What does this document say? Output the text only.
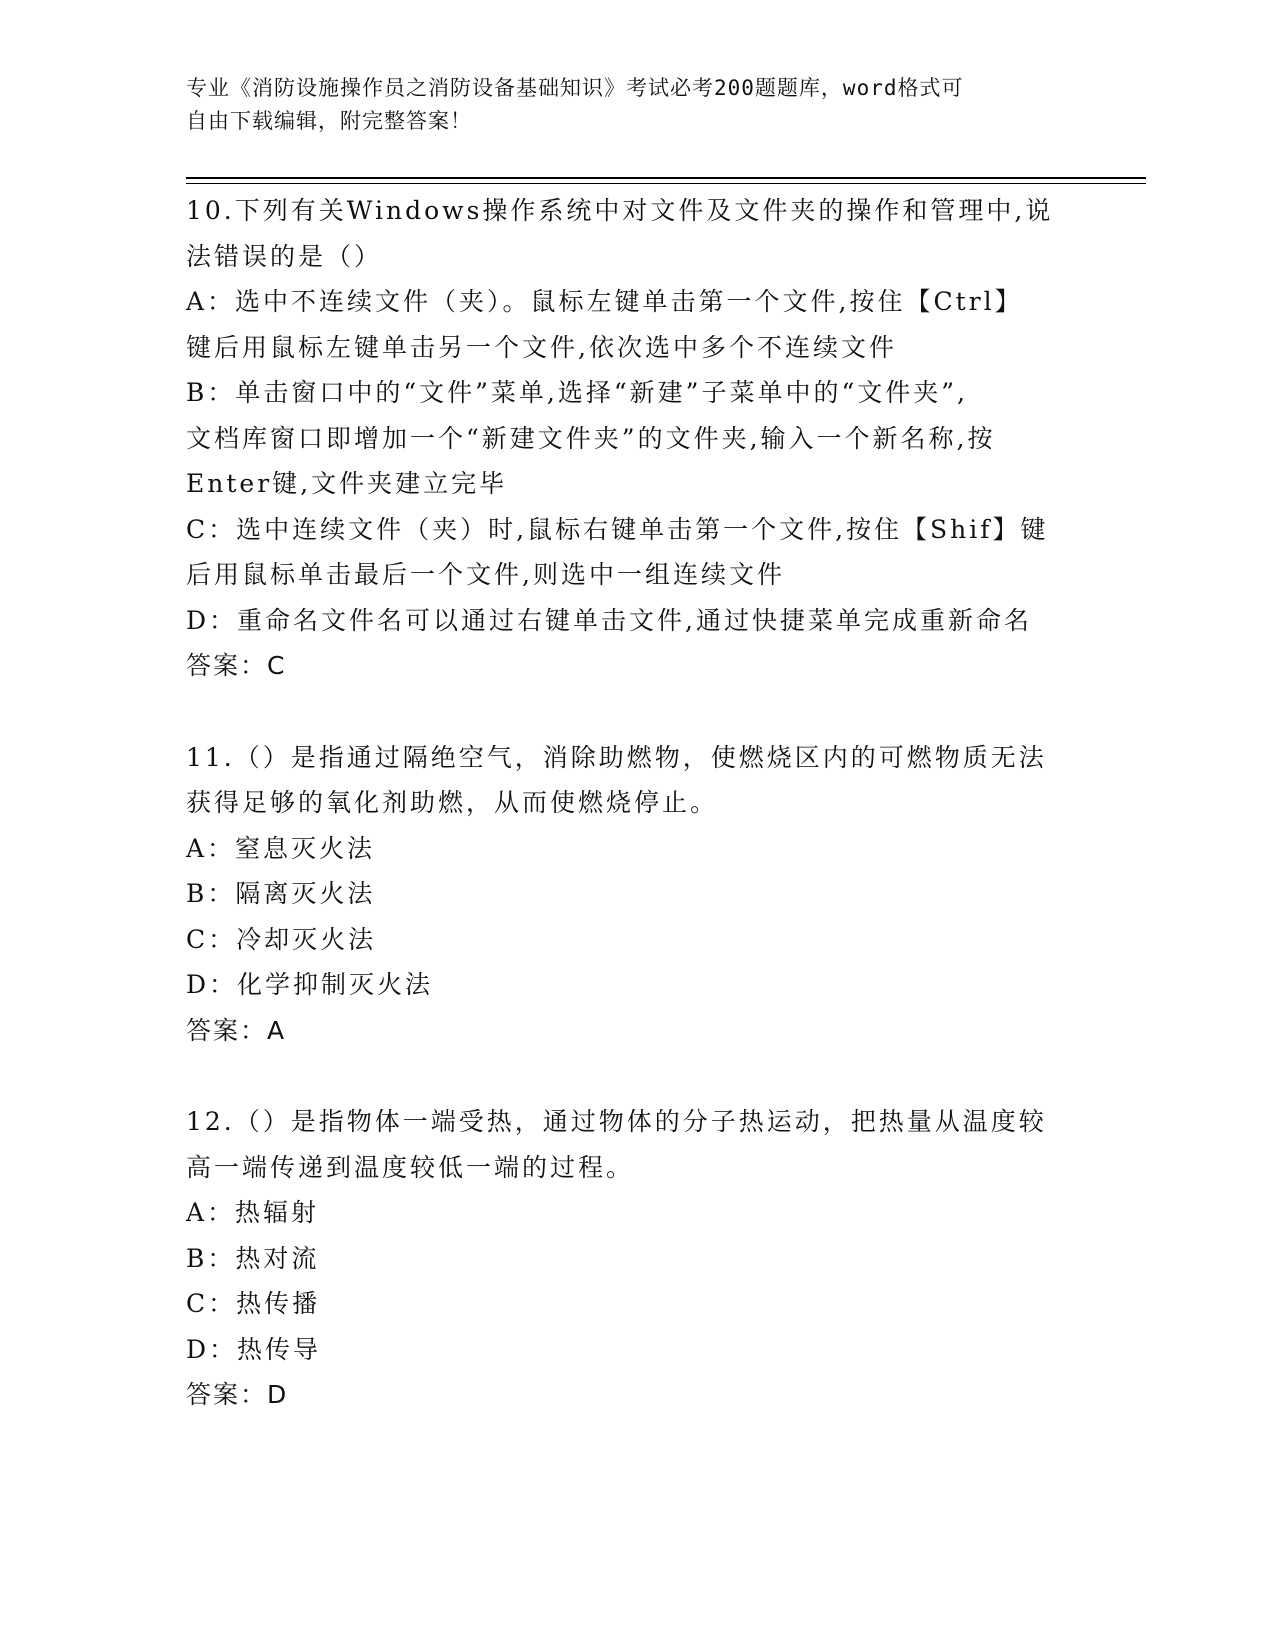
专业《消防设施操作员之消防设备基础知识》考试必考200题题库，word格式可

自由下载编辑，附完整答案！

10.下列有关Windows操作系统中对文件及文件夹的操作和管理中,说

法错误的是（）

A：选中不连续文件（夹）。鼠标左键单击第一个文件,按住【Ctrl】

键后用鼠标左键单击另一个文件,依次选中多个不连续文件

B：单击窗口中的“文件”菜单,选择“新建”子菜单中的“文件夹”,

文档库窗口即增加一个“新建文件夹”的文件夹,输入一个新名称,按

Enter键,文件夹建立完毕

C：选中连续文件（夹）时,鼠标右键单击第一个文件,按住【Shif】键

后用鼠标单击最后一个文件,则选中一组连续文件

D：重命名文件名可以通过右键单击文件,通过快捷菜单完成重新命名

答案：C

11.（）是指通过隔绝空气，消除助燃物，使燃烧区内的可燃物质无法

获得足够的氧化剂助燃，从而使燃烧停止。

A：窒息灭火法

B：隔离灭火法

C：冷却灭火法

D：化学抑制灭火法

答案：A

12.（）是指物体一端受热，通过物体的分子热运动，把热量从温度较

高一端传递到温度较低一端的过程。

A：热辐射

B：热对流

C：热传播

D：热传导

答案：D
